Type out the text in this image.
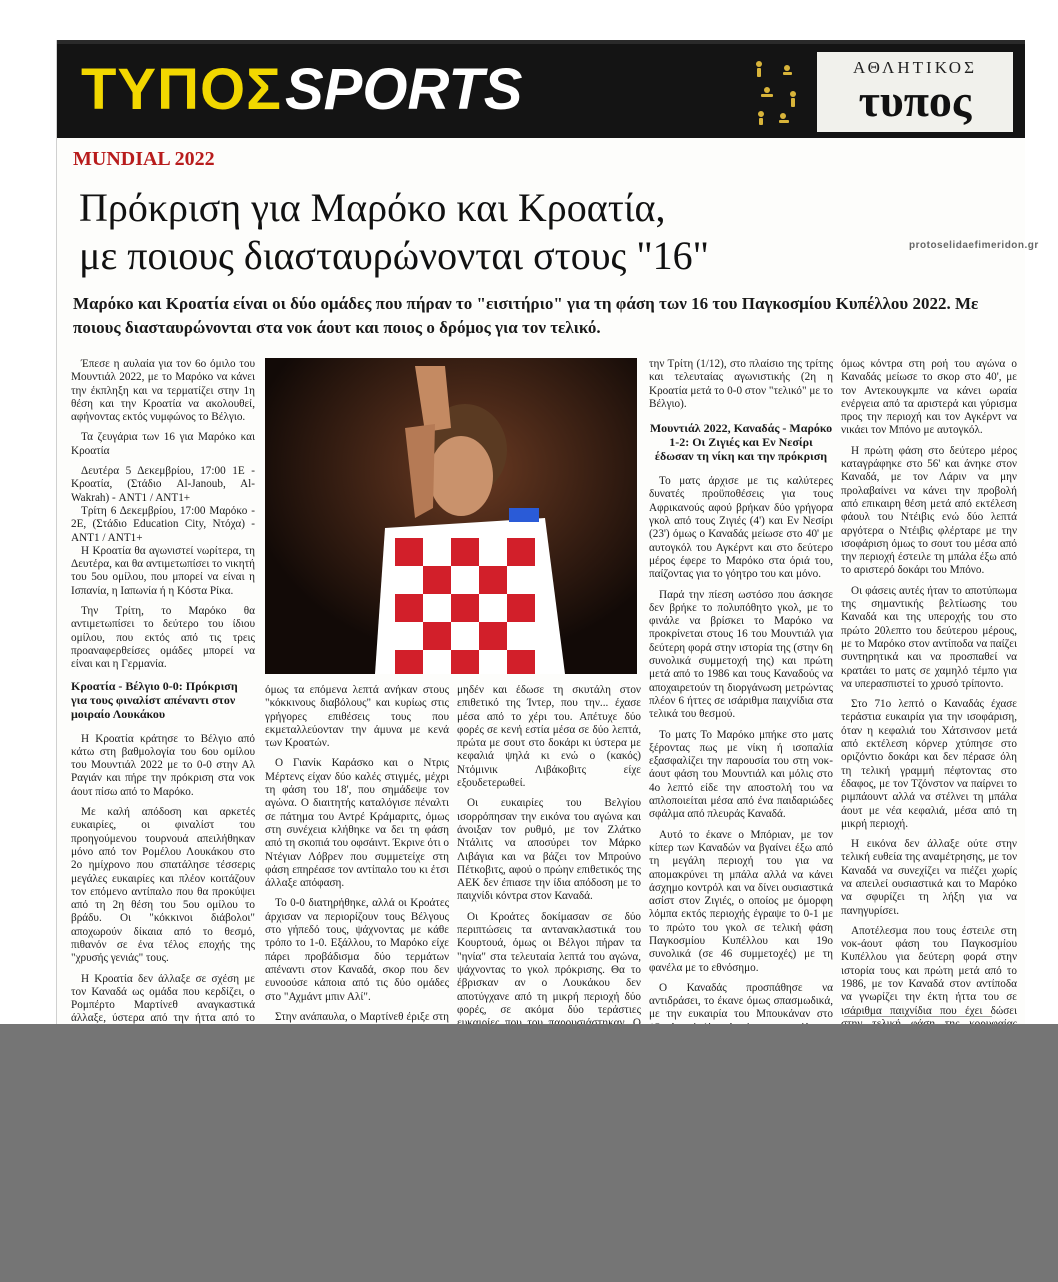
ΤΥΠΟΣ SPORTS	ΑΘΛΗΤΙΚΟΣ
τυπος
MUNDIAL 2022
Πρόκριση για Μαρόκο και Κροατία,
με ποιους διασταυρώνονται στους "16"	protoselidaefimeridon.gr
Μαρόκο και Κροατία είναι οι δύο ομάδες που πήραν το "εισιτήριο" για τη φάση των 16 του Παγκοσμίου Κυπέλλου 2022. Με ποιους διασταυρώνονται στα νοκ άουτ και ποιος ο δρόμος για τον τελικό.

Έπεσε η αυλαία για τον 6ο όμιλο του Μουντιάλ 2022, με το Μαρόκο να κάνει την έκπληξη και να τερματίζει στην 1η θέση και την Κροατία να ακολουθεί, αφήνοντας εκτός νυμφώνος το Βέλγιο.

Τα ζευγάρια των 16 για Μαρόκο και Κροατία

Δευτέρα 5 Δεκεμβρίου, 17:00 1Ε - Κροατία, (Στάδιο Al-Janoub, Al-Wakrah) - ANT1 / ANT1+

Τρίτη 6 Δεκεμβρίου, 17:00 Μαρόκο - 2Ε, (Στάδιο Education City, Ντόχα) - ANT1 / ANT1+

Η Κροατία θα αγωνιστεί νωρίτερα, τη Δευτέρα, και θα αντιμετωπίσει το νικητή του 5ου ομίλου, που μπορεί να είναι η Ισπανία, η Ιαπωνία ή η Κόστα Ρίκα.

Την Τρίτη, το Μαρόκο θα αντιμετωπίσει το δεύτερο του ίδιου ομίλου, που εκτός από τις τρεις προαναφερθείσες ομάδες μπορεί να είναι και η Γερμανία.

Κροατία - Βέλγιο 0-0: Πρόκριση για τους φιναλίστ απέναντι στον μοιραίο Λουκάκου

Η Κροατία κράτησε το Βέλγιο από κάτω στη βαθμολογία του 6ου ομίλου του Μουντιάλ 2022 με το 0-0 στην Αλ Ραγιάν και πήρε την πρόκριση στα νοκ άουτ πίσω από το Μαρόκο.

Με καλή απόδοση και αρκετές ευκαιρίες, οι φιναλίστ του προηγούμενου τουρνουά απειλήθηκαν μόνο από τον Ρομέλου Λουκάκου στο 2ο ημίχρονο που σπατάλησε τέσσερις μεγάλες ευκαιρίες και πλέον κοιτάζουν τον επόμενο αντίπαλο που θα προκύψει από τη 2η θέση του 5ου ομίλου το βράδυ. Οι "κόκκινοι διάβολοι" αποχωρούν δίκαια από το θεσμό, πιθανόν σε ένα τέλος εποχής της "χρυσής γενιάς" τους.

Η Κροατία δεν άλλαξε σε σχέση με τον Καναδά ως ομάδα που κερδίζει, ο Ρομπέρτο Μαρτίνεθ αναγκαστικά άλλαξε, ύστερα από την ήττα από το

όμως τα επόμενα λεπτά ανήκαν στους "κόκκινους διαβόλους" και κυρίως στις γρήγορες επιθέσεις τους που εκμεταλλεύονταν την άμυνα με κενά των Κροατών.

Ο Γιανίκ Καράσκο και ο Ντρις Μέρτενς είχαν δύο καλές στιγμές, μέχρι τη φάση του 18', που σημάδεψε τον αγώνα. Ο διαιτητής καταλόγισε πέναλτι σε πάτημα του Αντρέ Κράμαριτς, όμως στη συνέχεια κλήθηκε να δει τη φάση από τη σκοπιά του οφσάιντ. Έκρινε ότι ο Ντέγιαν Λόβρεν που συμμετείχε στη φάση επηρέασε τον αντίπαλο του κι έτσι άλλαξε απόφαση.

Το 0-0 διατηρήθηκε, αλλά οι Κροάτες άρχισαν να περιορίζουν τους Βέλγους στο γήπεδό τους, ψάχνοντας με κάθε τρόπο το 1-0. Εξάλλου, το Μαρόκο είχε πάρει προβάδισμα δύο τερμάτων απέναντι στον Καναδά, σκορ που δεν ευνοούσε κάποια από τις δύο ομάδες στο "Αχμάντ μπιν Αλί".

Στην ανάπαυλα, ο Μαρτίνεθ έριξε στη

μηδέν και έδωσε τη σκυτάλη στον επιθετικό της Ίντερ, που την... έχασε μέσα από το χέρι του. Απέτυχε δύο φορές σε κενή εστία μέσα σε δύο λεπτά, πρώτα με σουτ στο δοκάρι κι ύστερα με κεφαλιά ψηλά κι ενώ ο (κακός) Ντόμινικ Λιβάκοβιτς είχε εξουδετερωθεί.

Οι ευκαιρίες του Βελγίου ισορρόπησαν την εικόνα του αγώνα και άνοιξαν τον ρυθμό, με τον Ζλάτκο Ντάλιτς να αποσύρει τον Μάρκο Λιβάγια και να βάζει τον Μπρούνο Πέτκοβιτς, αφού ο πρώην επιθετικός της ΑΕΚ δεν έπιασε την ίδια απόδοση με το παιχνίδι κόντρα στον Καναδά.

Οι Κροάτες δοκίμασαν σε δύο περιπτώσεις τα αντανακλαστικά του Κουρτουά, όμως οι Βέλγοι πήραν τα "ηνία" στα τελευταία λεπτά του αγώνα, ψάχνοντας το γκολ πρόκρισης. Θα το έβρισκαν αν ο Λουκάκου δεν αποτύγχανε από τη μικρή περιοχή δύο φορές, σε ακόμα δύο τεράστιες

την Τρίτη (1/12), στο πλαίσιο της τρίτης και τελευταίας αγωνιστικής (2η η Κροατία μετά το 0-0 στον "τελικό" με το Βέλγιο).

Μουντιάλ 2022, Καναδάς - Μαρόκο 1-2: Οι Ζιγιές και Εν Νεσίρι έδωσαν τη νίκη και την πρόκριση

Το ματς άρχισε με τις καλύτερες δυνατές προϋποθέσεις για τους Αφρικανούς αφού βρήκαν δύο γρήγορα γκολ από τους Ζιγιές (4') και Εν Νεσίρι (23') όμως ο Καναδάς μείωσε στο 40' με αυτογκόλ του Αγκέρντ και στο δεύτερο μέρος έφερε το Μαρόκο στα όριά του, παίζοντας για το γόητρο του και μόνο.

Παρά την πίεση ωστόσο που άσκησε δεν βρήκε το πολυπόθητο γκολ, με το φινάλε να βρίσκει το Μαρόκο να προκρίνεται στους 16 του Μουντιάλ για δεύτερη φορά στην ιστορία της (στην 6η συνολικά συμμετοχή της) και πρώτη μετά από το 1986 και τους Καναδούς να αποχαιρετούν τη διοργάνωση μετρώντας πλέον 6 ήττες σε ισάριθμα παιχνίδια στα τελικά του θεσμού.

Το ματς Το Μαρόκο μπήκε στο ματς ξέροντας πως με νίκη ή ισοπαλία εξασφαλίζει την παρουσία του στη νοκ-άουτ φάση του Μουντιάλ και μόλις στο 4ο λεπτό είδε την αποστολή του να απλοποιείται μέσα από ένα παιδαριώδες σφάλμα από πλευράς Καναδά.

Αυτό το έκανε ο Μπόριαν, με τον κίπερ των Καναδών να βγαίνει έξω από τη μεγάλη περιοχή του για να απομακρύνει τη μπάλα αλλά να κάνει άσχημο κοντρόλ και να δίνει ουσιαστικά ασίστ στον Ζιγιές, ο οποίος με όμορφη λόμπα εκτός περιοχής έγραψε το 0-1 με το πρώτο του γκολ σε τελική φάση Παγκοσμίου Κυπέλλου και 19ο συνολικά (σε 46 συμμετοχές) με τη φανέλα με το εθνόσημο.

Ο Καναδάς προσπάθησε να αντιδράσει, το έκανε όμως σπασμωδικά, με την ευκαιρία του Μπουκάναν στο

όμως κόντρα στη ροή του αγώνα ο Καναδάς μείωσε το σκορ στο 40', με τον Αντεκουγκμπε να κάνει ωραία ενέργεια από τα αριστερά και γύρισμα προς την περιοχή και τον Αγκέρντ να νικάει τον Μπόνο με αυτογκόλ.

Η πρώτη φάση στο δεύτερο μέρος καταγράφηκε στο 56' και άνηκε στον Καναδά, με τον Λάριν να μην προλαβαίνει να κάνει την προβολή από επικαιρη θέση μετά από εκτέλεση φάουλ του Ντέιβις ενώ δύο λεπτά αργότερα ο Ντέιβις φλέρταρε με την ισοφάριση όμως το σουτ του μέσα από την περιοχή έστειλε τη μπάλα έξω από το αριστερό δοκάρι του Μπόνο.

Οι φάσεις αυτές ήταν το αποτύπωμα της σημαντικής βελτίωσης του Καναδά και της υπεροχής του στο πρώτο 20λεπτο του δεύτερου μέρους, με το Μαρόκο στον αντίποδα να παίζει συντηρητικά και να προσπαθεί να κρατάει το ματς σε χαμηλό τέμπο για να υπερασπιστεί το χρυσό τρίποντο.

Στο 71ο λεπτό ο Καναδάς έχασε τεράστια ευκαιρία για την ισοφάριση, όταν η κεφαλιά του Χάτσινσον μετά από εκτέλεση κόρνερ χτύπησε στο οριζόντιο δοκάρι και δεν πέρασε όλη τη τελική γραμμή πέφτοντας στο έδαφος, με τον Τζόνστον να παίρνει το ριμπάουντ αλλά να στέλνει τη μπάλα άουτ με νέα κεφαλιά, μέσα από τη μικρή περιοχή.

Η εικόνα δεν άλλαξε ούτε στην τελική ευθεία της αναμέτρησης, με τον Καναδά να συνεχίζει να πιέζει χωρίς να απειλεί ουσιαστικά και το Μαρόκο να σφυρίζει τη λήξη για να πανηγυρίσει.

Αποτέλεσμα που τους έστειλε στη νοκ-άουτ φάση του Παγκοσμίου Κυπέλλου για δεύτερη φορά στην ιστορία τους και πρώτη μετά από το 1986, με τον Καναδά στον αντίποδα να γνωρίζει την έκτη ήττα του σε ισάριθμα παιχνίδια που έχει δώσει
